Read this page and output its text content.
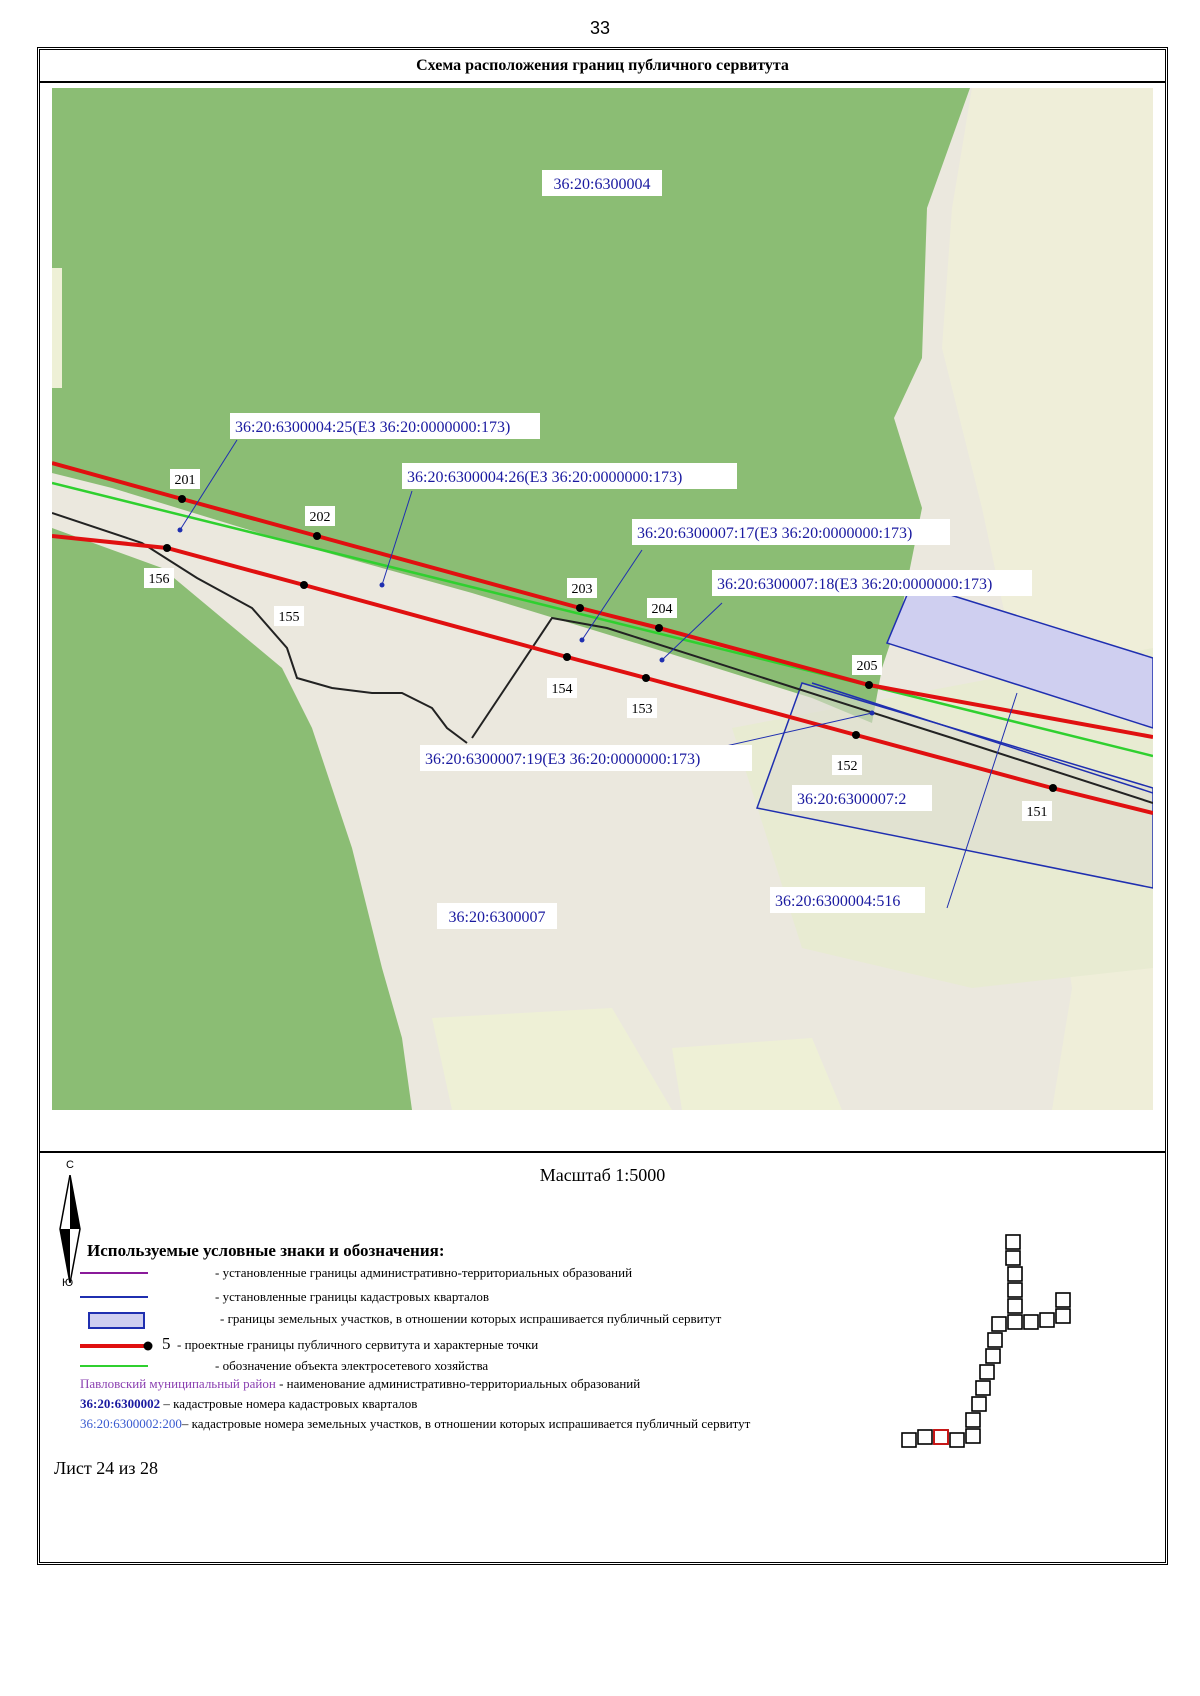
33
Схема расположения границ публичного сервитута
36:20:6300004
36:20:6300007
36:20:6300004:25(ЕЗ 36:20:0000000:173)
36:20:6300004:26(ЕЗ 36:20:0000000:173)
36:20:6300007:17(ЕЗ 36:20:0000000:173)
36:20:6300007:18(ЕЗ 36:20:0000000:173)
36:20:6300007:19(ЕЗ 36:20:0000000:173)
36:20:6300007:2
36:20:6300004:516
201
202
203
204
205
156
155
154
153
152
151
Масштаб 1:5000
С
Ю
Используемые условные знаки и обозначения:
- установленные границы административно-территориальных образований
- установленные границы кадастровых кварталов
- границы земельных участков, в отношении которых испрашивается публичный сервитут
5 - проектные границы публичного сервитута и характерные точки
- обозначение объекта электросетевого хозяйства
Павловский муниципальный район - наименование административно-территориальных образований
36:20:6300002 – кадастровые номера кадастровых кварталов
36:20:6300002:200– кадастровые номера земельных участков, в отношении которых испрашивается публичный сервитут
Лист 24 из 28
